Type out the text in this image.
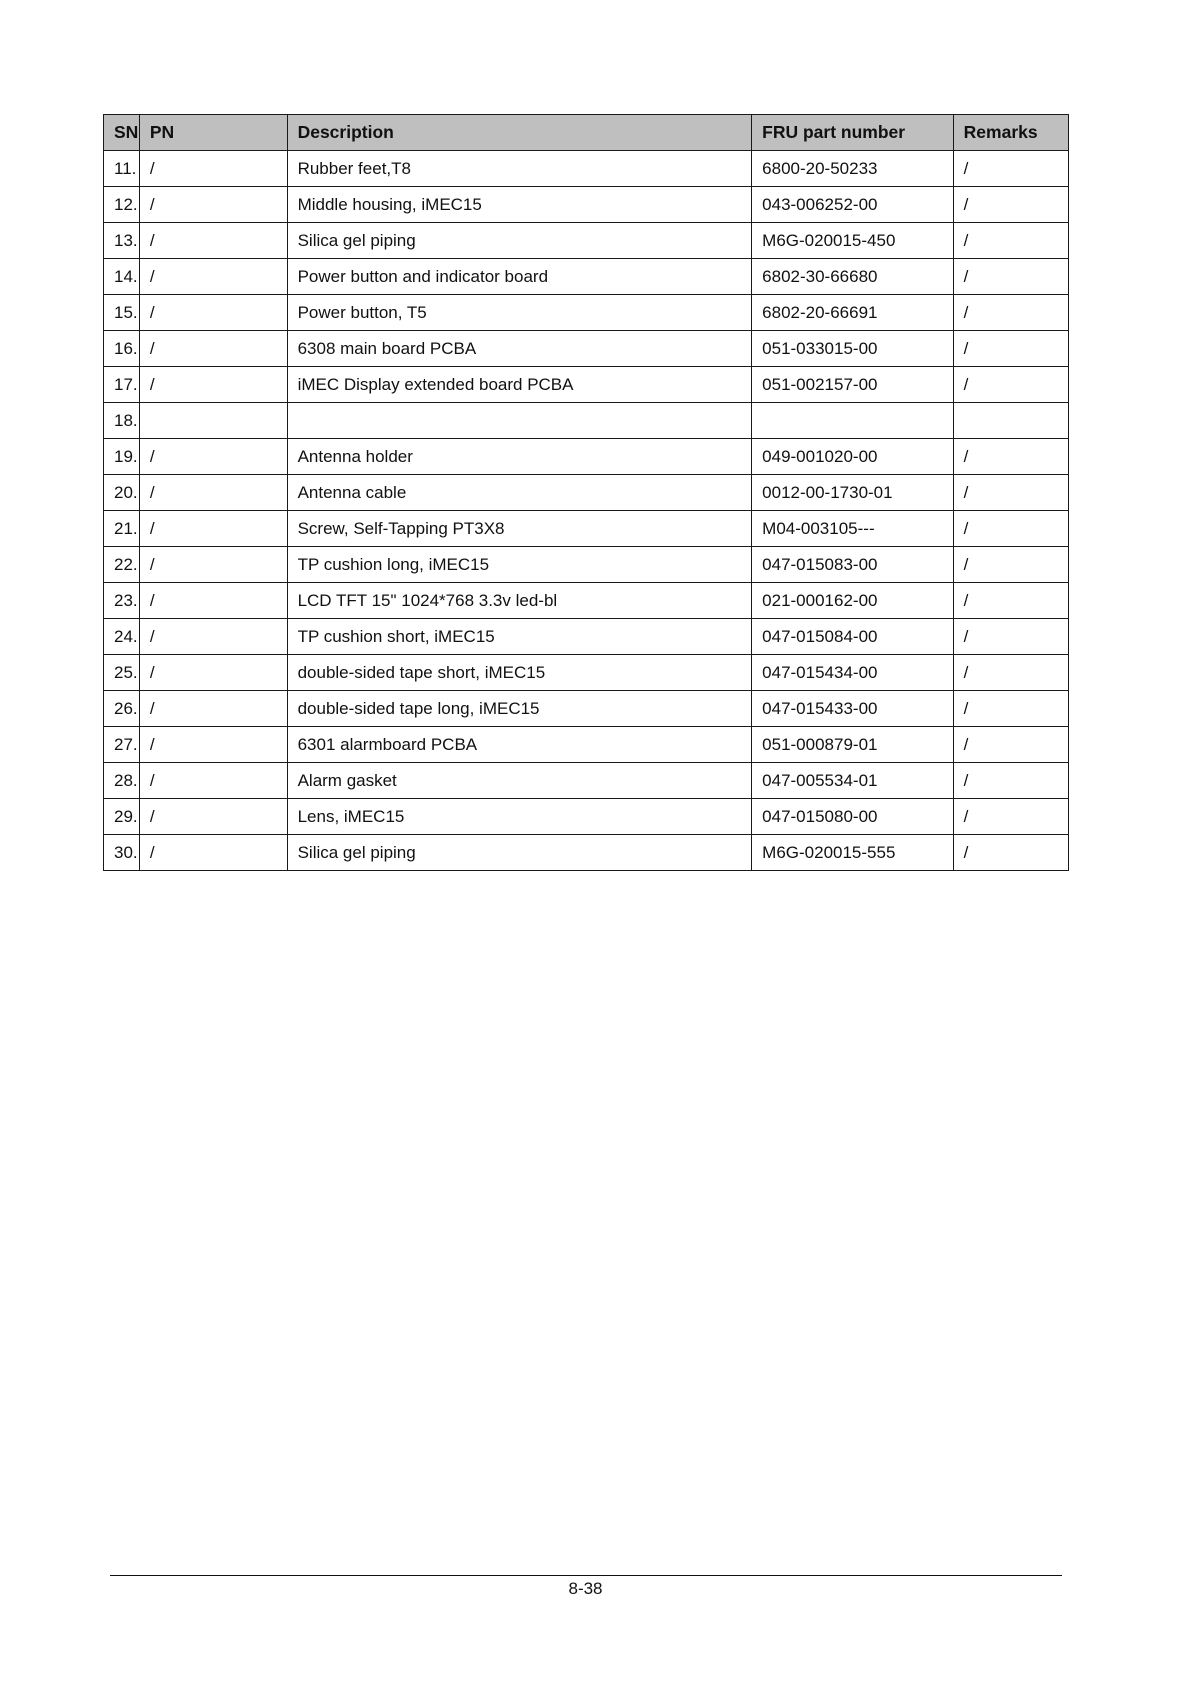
SN	PN	Description	FRU part number	Remarks
11.	/	Rubber feet,T8	6800-20-50233	/
12.	/	Middle housing, iMEC15	043-006252-00	/
13.	/	Silica gel piping	M6G-020015-450	/
14.	/	Power button and indicator board	6802-30-66680	/
15.	/	Power button, T5	6802-20-66691	/
16.	/	6308 main board PCBA	051-033015-00	/
17.	/	iMEC Display extended board PCBA	051-002157-00	/
18.				
19.	/	Antenna holder	049-001020-00	/
20.	/	Antenna cable	0012-00-1730-01	/
21.	/	Screw, Self-Tapping PT3X8	M04-003105---	/
22.	/	TP cushion long, iMEC15	047-015083-00	/
23.	/	LCD TFT 15" 1024*768 3.3v led-bl	021-000162-00	/
24.	/	TP cushion short, iMEC15	047-015084-00	/
25.	/	double-sided tape short, iMEC15	047-015434-00	/
26.	/	double-sided tape long, iMEC15	047-015433-00	/
27.	/	6301 alarmboard PCBA	051-000879-01	/
28.	/	Alarm gasket	047-005534-01	/
29.	/	Lens, iMEC15	047-015080-00	/
30.	/	Silica gel piping	M6G-020015-555	/
8-38
